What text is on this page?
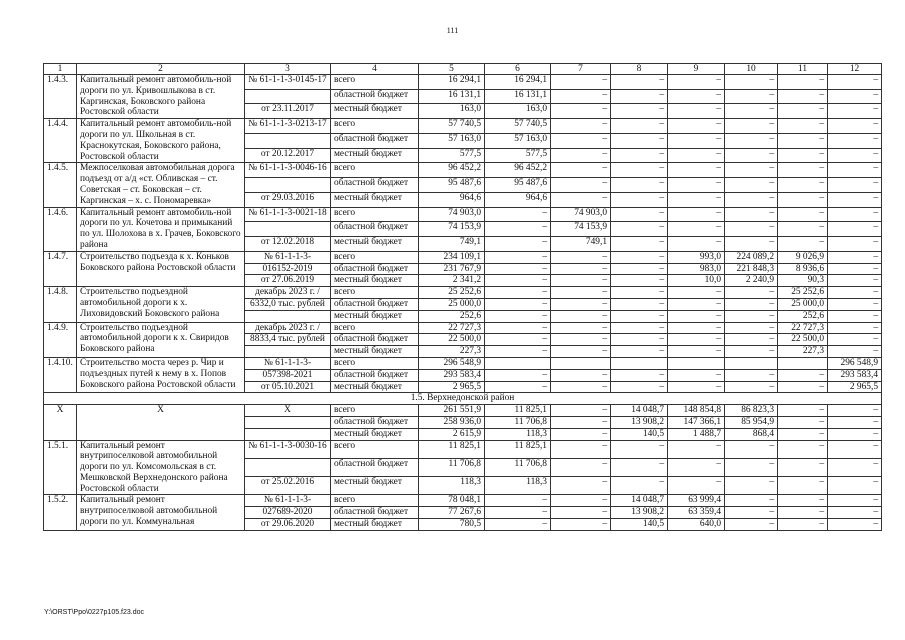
111
1	2	3	4	5	6	7	8	9	10	11	12
1.4.3.	Капитальный ремонт автомобиль-ной дороги по ул. Кривошлыкова в ст. Каргинская, Боковского района Ростовской области	№ 61-1-1-3-0145-17	всего	16 294,1	16 294,1	–	–	–	–	–	–
			областной бюджет	16 131,1	16 131,1	–	–	–	–	–	–
		от 23.11.2017	местный бюджет	163,0	163,0	–	–	–	–	–	–
1.4.4.	Капитальный ремонт автомобиль-ной дороги по ул. Школьная в ст. Краснокутская, Боковского района, Ростовской области	№ 61-1-1-3-0213-17	всего	57 740,5	57 740,5	–	–	–	–	–	–
			областной бюджет	57 163,0	57 163,0	–	–	–	–	–	–
		от 20.12.2017	местный бюджет	577,5	577,5	–	–	–	–	–	–
1.4.5.	Межпоселковая автомобильная дорога подъезд от а/д «ст. Обливская – ст. Советская – ст. Боковская – ст. Каргинская – х. с. Пономаревка»	№ 61-1-1-3-0046-16	всего	96 452,2	96 452,2	–	–	–	–	–	–
			областной бюджет	95 487,6	95 487,6	–	–	–	–	–	–
		от 29.03.2016	местный бюджет	964,6	964,6	–	–	–	–	–	–
1.4.6.	Капитальный ремонт автомобиль-ной дороги по ул. Кочетова и примыканий по ул. Шолохова в х. Грачев, Боковского района	№ 61-1-1-3-0021-18	всего	74 903,0	–	74 903,0	–	–	–	–	–
			областной бюджет	74 153,9	–	74 153,9	–	–	–	–	–
		от 12.02.2018	местный бюджет	749,1	–	749,1	–	–	–	–	–
1.4.7.	Строительство подъезда к х. Коньков Боковского района Ростовской области	№ 61-1-1-3-	всего	234 109,1	–	–	–	993,0	224 089,2	9 026,9	–
		016152-2019	областной бюджет	231 767,9	–	–	–	983,0	221 848,3	8 936,6	–
		от 27.06.2019	местный бюджет	2 341,2	–	–	–	10,0	2 240,9	90,3	–
1.4.8.	Строительство подъездной автомобильной дороги к х. Лиховидовский Боковского района	декабрь 2023 г. /	всего	25 252,6	–	–	–	–	–	25 252,6	–
		6332,0 тыс. рублей	областной бюджет	25 000,0	–	–	–	–	–	25 000,0	–
			местный бюджет	252,6	–	–	–	–	–	252,6	–
1.4.9.	Строительство подъездной автомобильной дороги к х. Свиридов Боковского района	декабрь 2023 г. /	всего	22 727,3	–	–	–	–	–	22 727,3	–
		8833,4 тыс. рублей	областной бюджет	22 500,0	–	–	–	–	–	22 500,0	–
			местный бюджет	227,3	–	–	–	–	–	227,3	–
1.4.10.	Строительство моста через р. Чир и подъездных путей к нему в х. Попов Боковского района Ростовской области	№ 61-1-1-3-	всего	296 548,9							296 548,9
		057398-2021	областной бюджет	293 583,4	–	–	–	–	–	–	293 583,4
		от 05.10.2021	местный бюджет	2 965,5	–	–	–	–	–	–	2 965,5
1.5. Верхнедонской район											
Х	Х	Х	всего	261 551,9	11 825,1	–	14 048,7	148 854,8	86 823,3	–	–
			областной бюджет	258 936,0	11 706,8	–	13 908,2	147 366,1	85 954,9	–	–
			местный бюджет	2 615,9	118,3	–	140,5	1 488,7	868,4	–	–
1.5.1.	Капитальный ремонт внутрипоселковой автомобильной дороги по ул. Комсомольская в ст. Мешковской Верхнедонского района Ростовской области	№ 61-1-1-3-0030-16	всего	11 825,1	11 825,1	–	–	–	–	–	–
			областной бюджет	11 706,8	11 706,8	–	–	–	–	–	–
		от 25.02.2016	местный бюджет	118,3	118,3	–	–	–	–	–	–
1.5.2.	Капитальный ремонт внутрипоселковой автомобильной дороги по ул. Коммунальная	№ 61-1-1-3-	всего	78 048,1	–	–	14 048,7	63 999,4	–	–	–
		027689-2020	областной бюджет	77 267,6	–	–	13 908,2	63 359,4	–	–	–
		от 29.06.2020	местный бюджет	780,5	–	–	140,5	640,0	–	–	–
Y:\ORST\Ppo\0227p105.f23.doc
